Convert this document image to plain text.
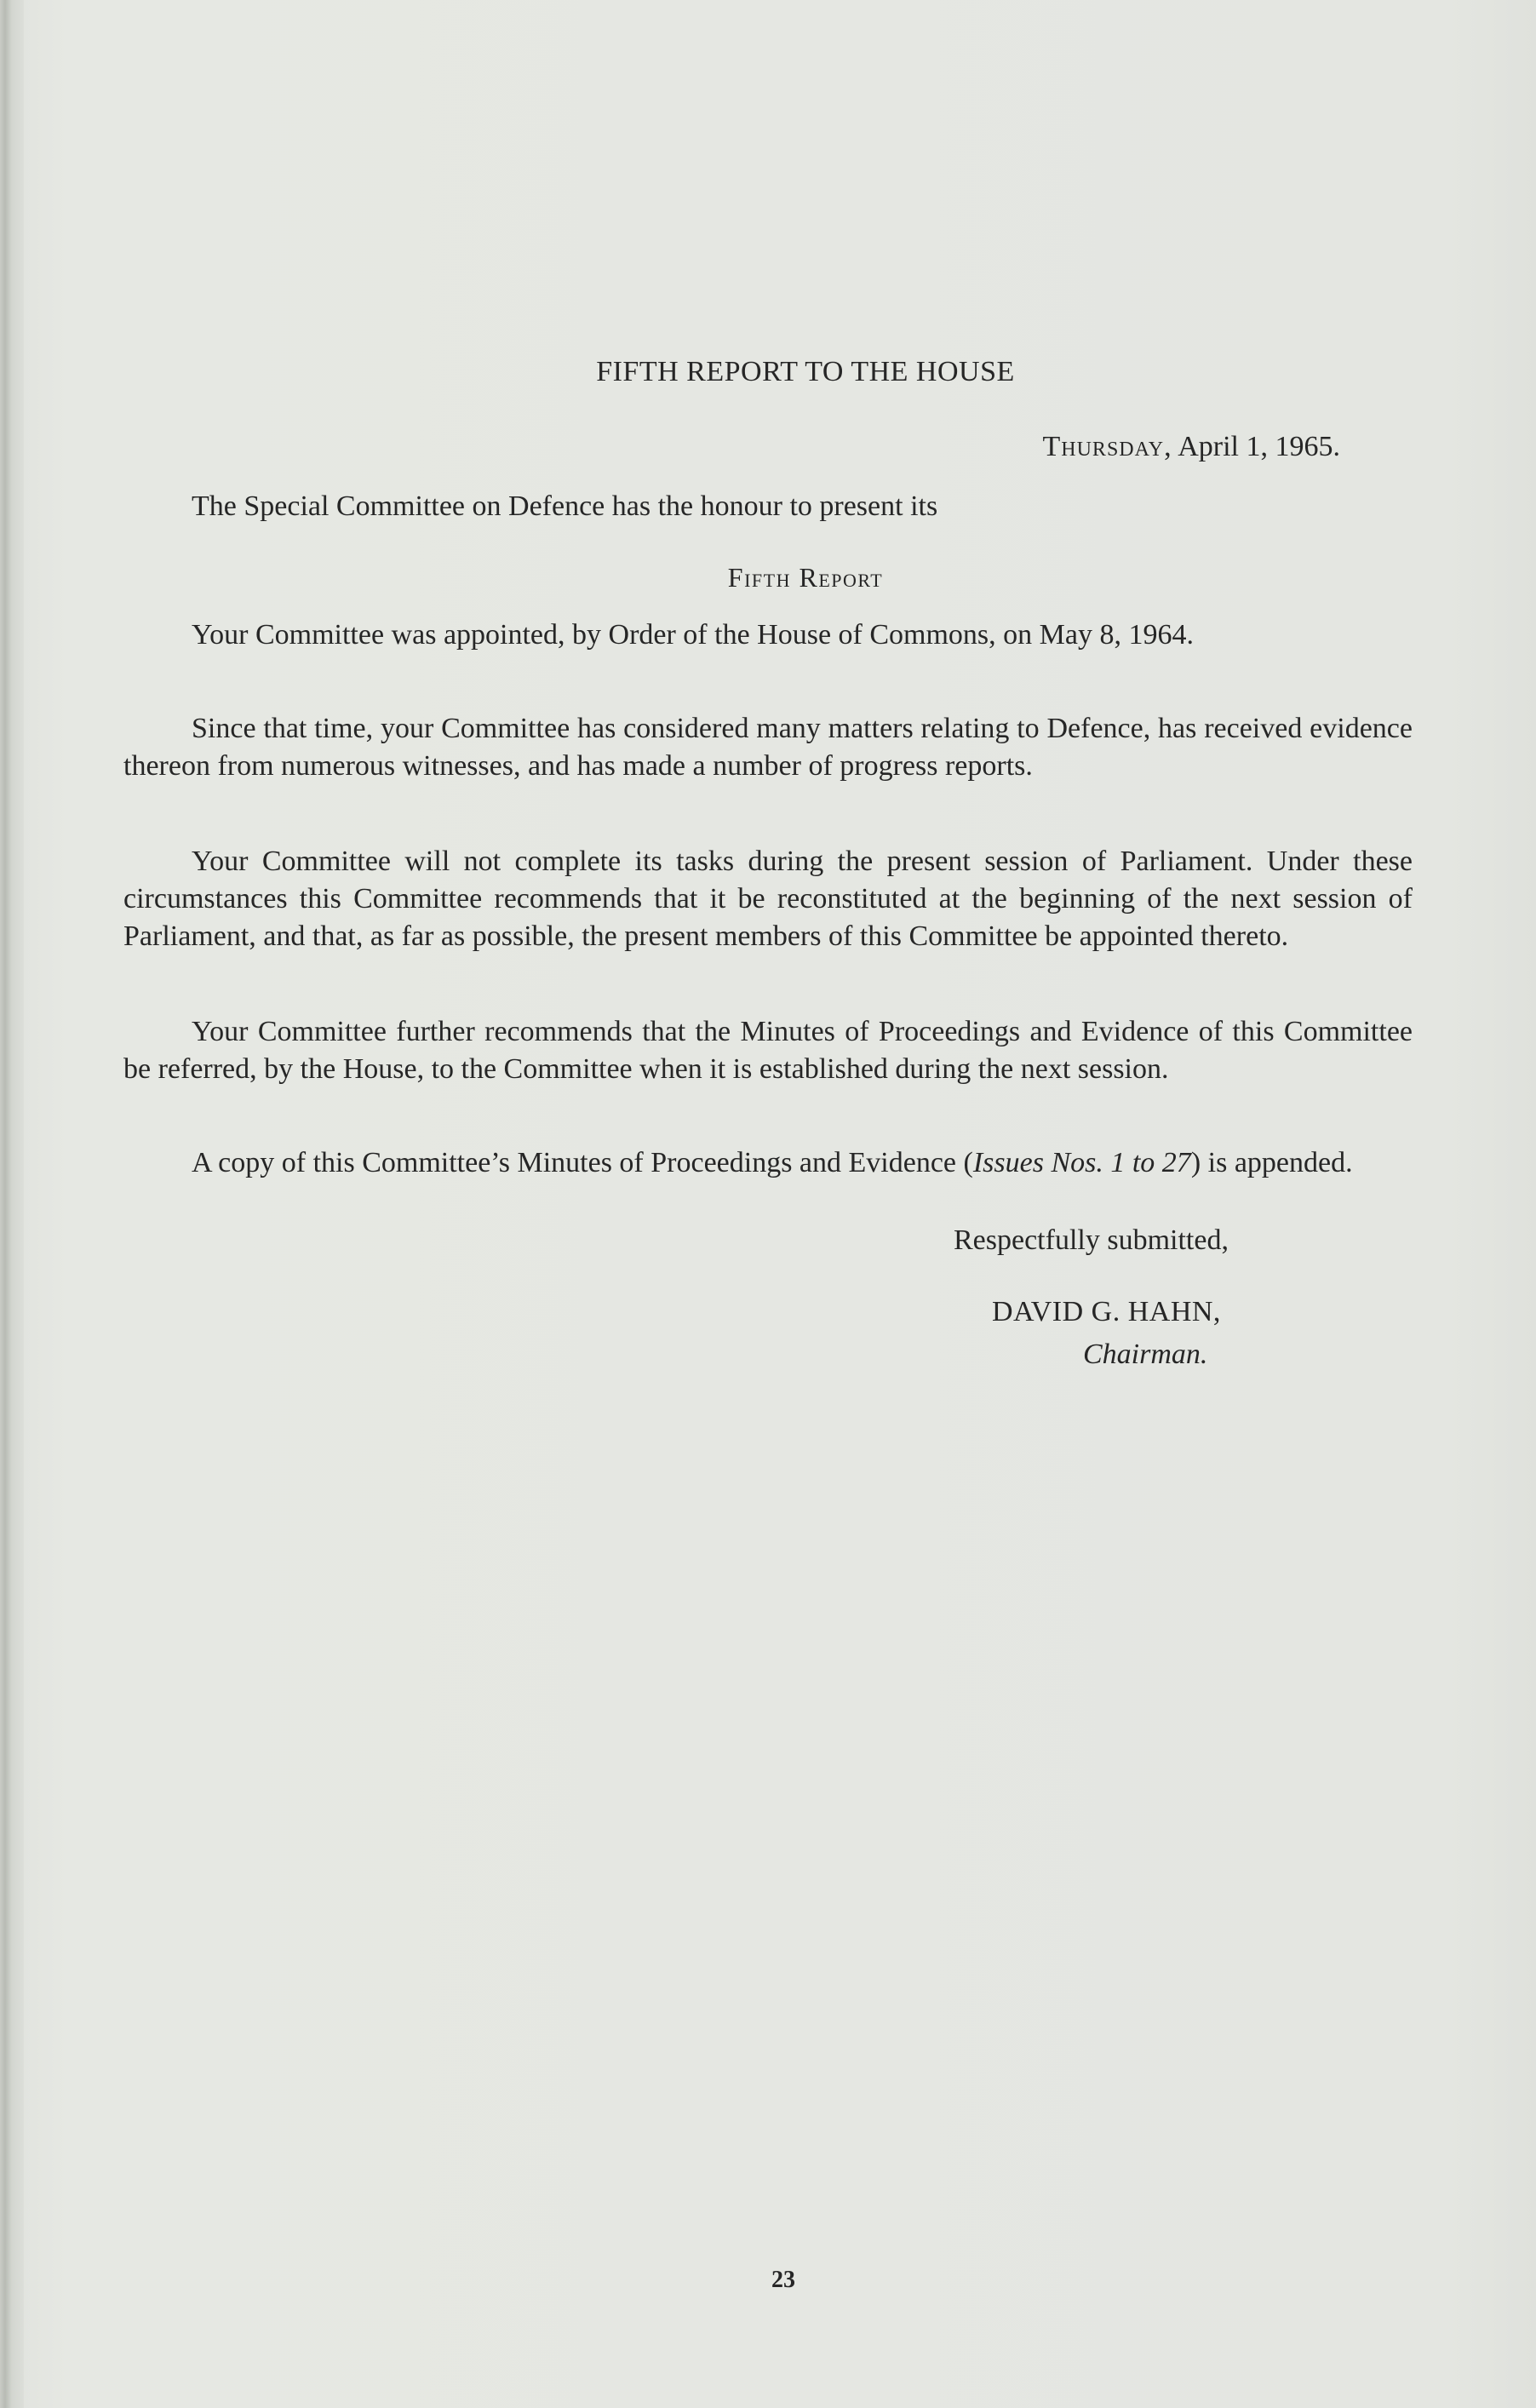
FIFTH REPORT TO THE HOUSE
Thursday, April 1, 1965.
The Special Committee on Defence has the honour to present its
Fifth Report

Your Committee was appointed, by Order of the House of Commons, on May 8, 1964.

Since that time, your Committee has considered many matters relating to Defence, has received evidence thereon from numerous witnesses, and has made a number of progress reports.

Your Committee will not complete its tasks during the present session of Parliament. Under these circumstances this Committee recommends that it be reconstituted at the beginning of the next session of Parliament, and that, as far as possible, the present members of this Committee be appointed thereto.

Your Committee further recommends that the Minutes of Proceedings and Evidence of this Committee be referred, by the House, to the Committee when it is established during the next session.

A copy of this Committee’s Minutes of Proceedings and Evidence (Issues Nos. 1 to 27) is appended.

Respectfully submitted,
DAVID G. HAHN,
Chairman.
23
